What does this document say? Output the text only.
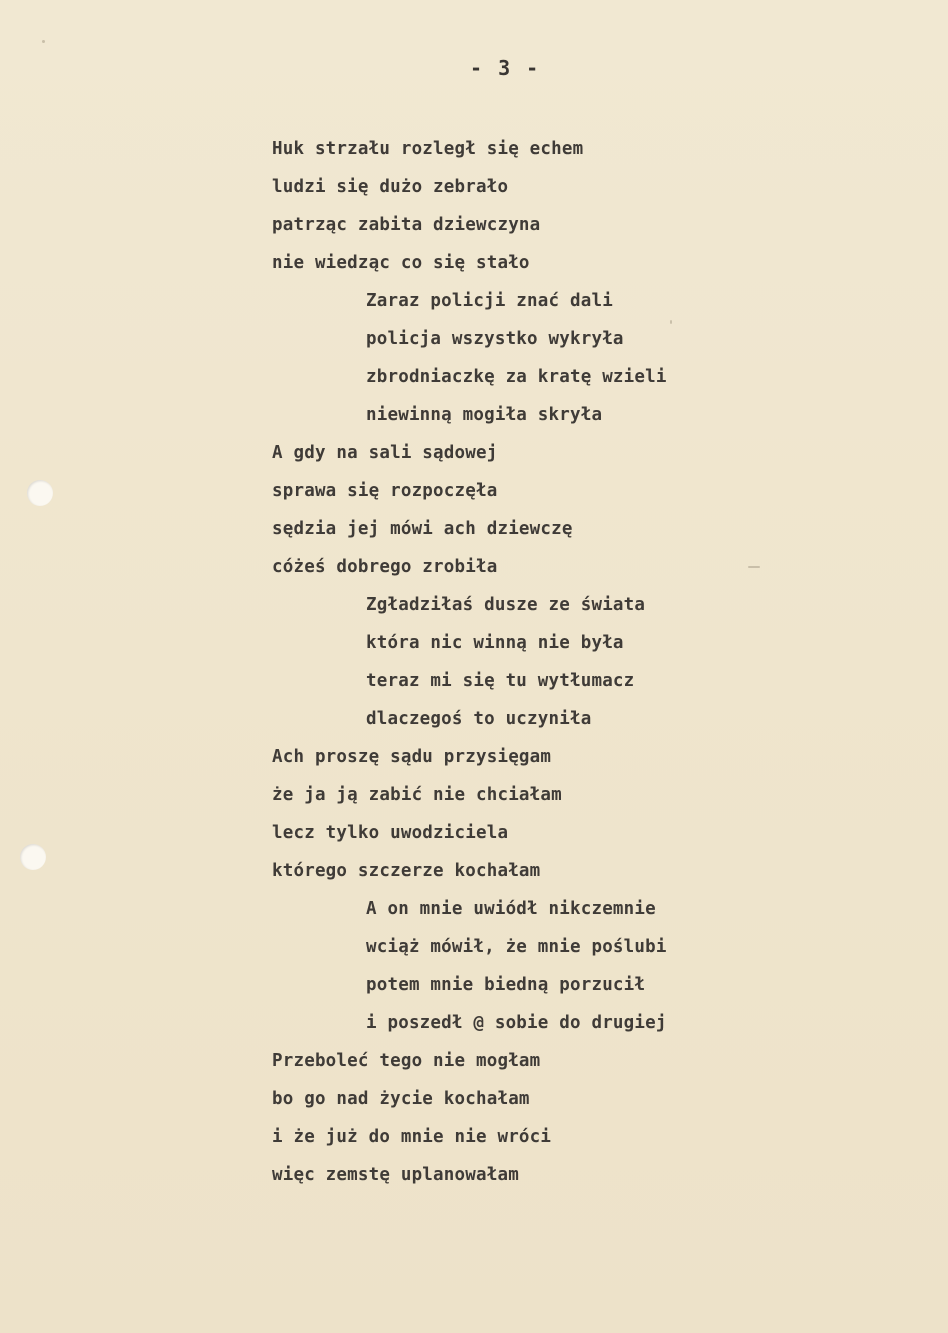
- 3 -
Huk strzału rozległ się echem
ludzi się dużo zebrało
patrząc zabita dziewczyna
nie wiedząc co się stało
Zaraz policji znać dali
policja wszystko wykryła
zbrodniaczkę za kratę wzieli
niewinną mogiła skryła
A gdy na sali sądowej
sprawa się rozpoczęła
sędzia jej mówi ach dziewczę
cóżeś dobrego zrobiła
Zgładziłaś dusze ze świata
która nic winną nie była
teraz mi się tu wytłumacz
dlaczegoś to uczyniła
Ach proszę sądu przysięgam
że ja ją zabić nie chciałam
lecz tylko uwodziciela
którego szczerze kochałam
A on mnie uwiódł nikczemnie
wciąż mówił, że mnie poślubi
potem mnie biedną porzucił
i poszedł @ sobie do drugiej
Przeboleć tego nie mogłam
bo go nad życie kochałam
i że już do mnie nie wróci
więc zemstę uplanowałam
